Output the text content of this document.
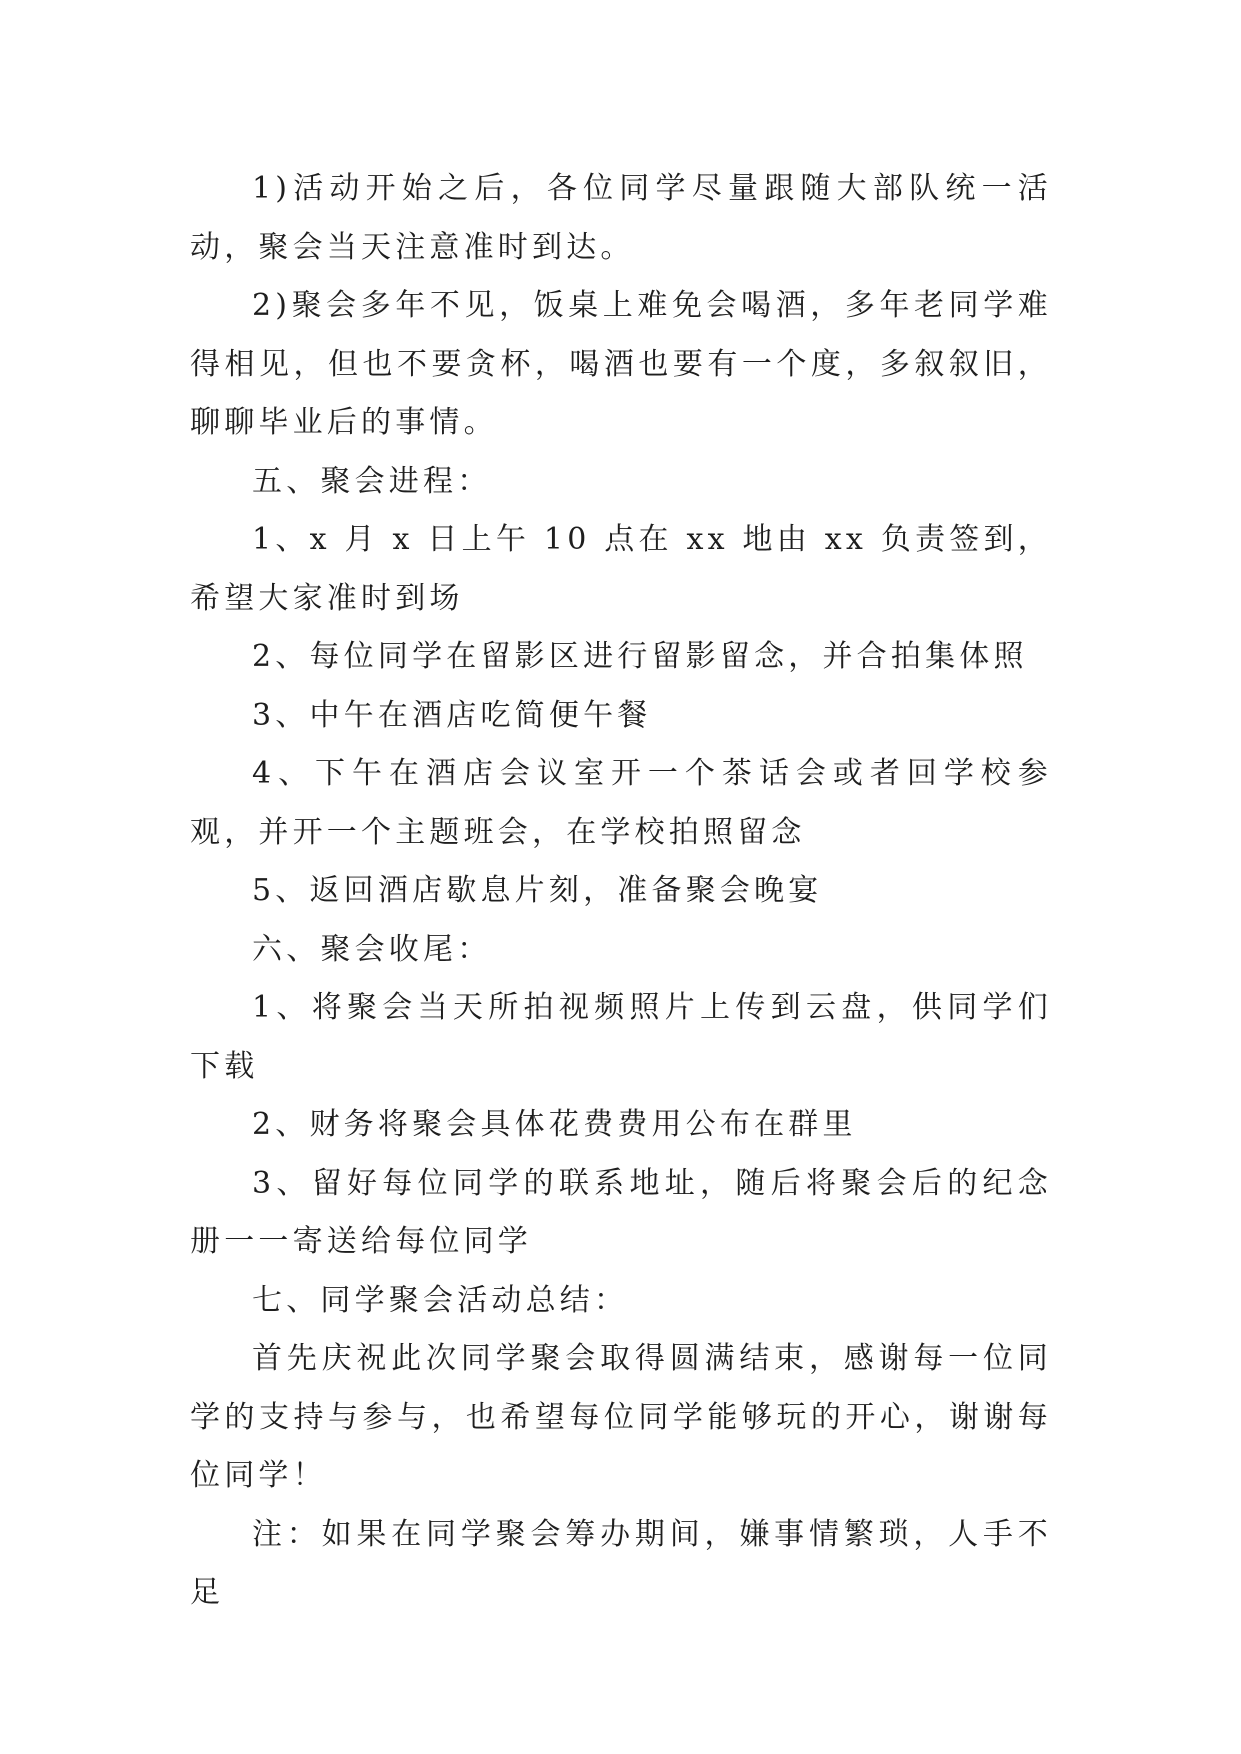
1)活动开始之后，各位同学尽量跟随大部队统一活动，聚会当天注意准时到达。

2)聚会多年不见，饭桌上难免会喝酒，多年老同学难得相见，但也不要贪杯，喝酒也要有一个度，多叙叙旧，聊聊毕业后的事情。

五、聚会进程：

1、x 月 x 日上午 10 点在 xx 地由 xx 负责签到，希望大家准时到场

2、每位同学在留影区进行留影留念，并合拍集体照

3、中午在酒店吃简便午餐

4、下午在酒店会议室开一个茶话会或者回学校参观，并开一个主题班会，在学校拍照留念

5、返回酒店歇息片刻，准备聚会晚宴

六、聚会收尾：

1、将聚会当天所拍视频照片上传到云盘，供同学们下载

2、财务将聚会具体花费费用公布在群里

3、留好每位同学的联系地址，随后将聚会后的纪念册一一寄送给每位同学

七、同学聚会活动总结：

首先庆祝此次同学聚会取得圆满结束，感谢每一位同学的支持与参与，也希望每位同学能够玩的开心，谢谢每位同学！

注：如果在同学聚会筹办期间，嫌事情繁琐，人手不足
